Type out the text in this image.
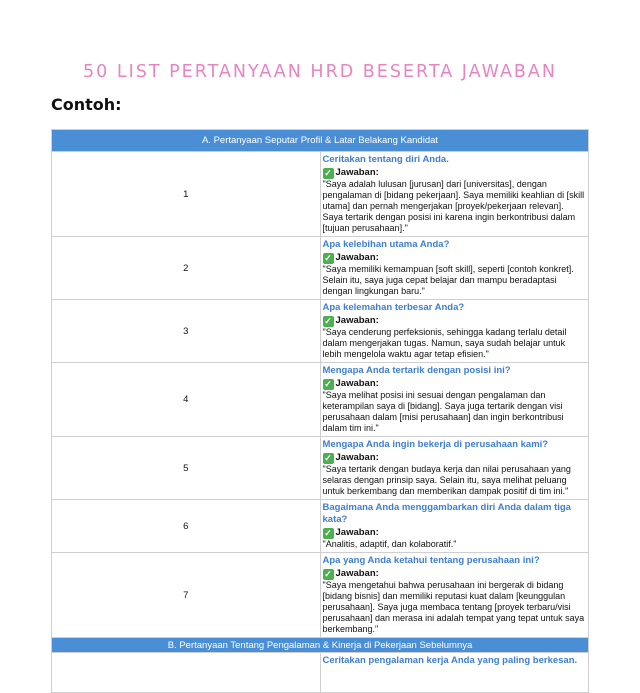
50 LIST PERTANYAAN HRD BESERTA JAWABAN
Contoh:
A. Pertanyaan Seputar Profil & Latar Belakang Kandidat	
1	Ceritakan tentang diri Anda.
✓ Jawaban:
"Saya adalah lulusan [jurusan] dari [universitas], dengan pengalaman di [bidang pekerjaan]. Saya memiliki keahlian di [skill utama] dan pernah mengerjakan [proyek/pekerjaan relevan]. Saya tertarik dengan posisi ini karena ingin berkontribusi dalam [tujuan perusahaan]."

2	Apa kelebihan utama Anda?
✓ Jawaban:
"Saya memiliki kemampuan [soft skill], seperti [contoh konkret]. Selain itu, saya juga cepat belajar dan mampu beradaptasi dengan lingkungan baru."

3	Apa kelemahan terbesar Anda?
✓ Jawaban:
"Saya cenderung perfeksionis, sehingga kadang terlalu detail dalam mengerjakan tugas. Namun, saya sudah belajar untuk lebih mengelola waktu agar tetap efisien."

4	Mengapa Anda tertarik dengan posisi ini?
✓ Jawaban:
"Saya melihat posisi ini sesuai dengan pengalaman dan keterampilan saya di [bidang]. Saya juga tertarik dengan visi perusahaan dalam [misi perusahaan] dan ingin berkontribusi dalam tim ini."

5	Mengapa Anda ingin bekerja di perusahaan kami?
✓ Jawaban:
"Saya tertarik dengan budaya kerja dan nilai perusahaan yang selaras dengan prinsip saya. Selain itu, saya melihat peluang untuk berkembang dan memberikan dampak positif di tim ini."

6	Bagaimana Anda menggambarkan diri Anda dalam tiga kata?
✓ Jawaban:
"Analitis, adaptif, dan kolaboratif."

7	Apa yang Anda ketahui tentang perusahaan ini?
✓ Jawaban:
"Saya mengetahui bahwa perusahaan ini bergerak di bidang [bidang bisnis] dan memiliki reputasi kuat dalam [keunggulan perusahaan]. Saya juga membaca tentang [proyek terbaru/visi perusahaan] dan merasa ini adalah tempat yang tepat untuk saya berkembang."

B. Pertanyaan Tentang Pengalaman & Kinerja di Pekerjaan Sebelumnya	

	Ceritakan pengalaman kerja Anda yang paling berkesan.
